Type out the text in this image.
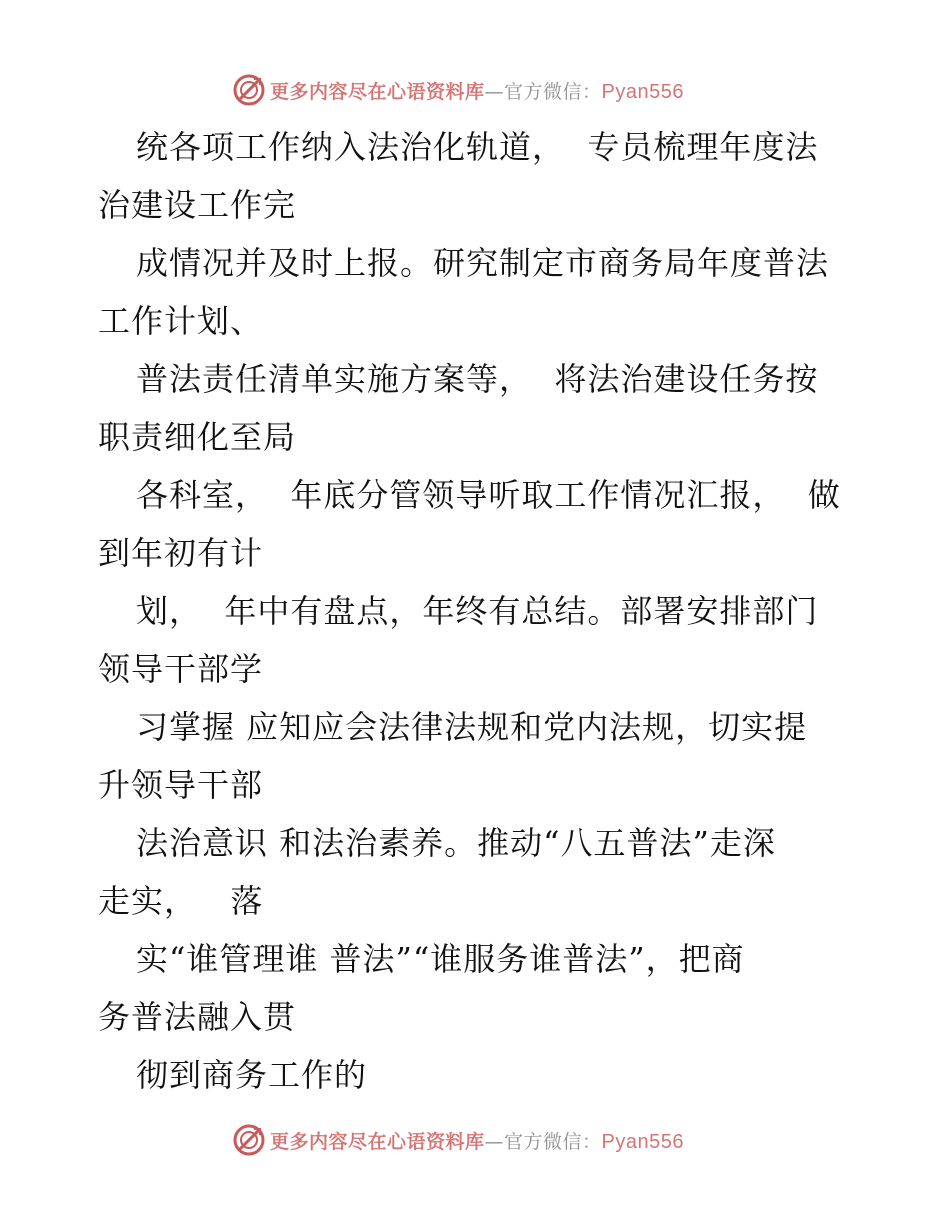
更多内容尽在心语资料库—官方微信：Pyan556
统各项工作纳入法治化轨道，  专员梳理年度法
治建设工作完
成情况并及时上报。研究制定市商务局年度普法
工作计划、
普法责任清单实施方案等，  将法治建设任务按
职责细化至局
各科室，  年底分管领导听取工作情况汇报，  做
到年初有计
划，  年中有盘点，年终有总结。部署安排部门
领导干部学
习掌握 应知应会法律法规和党内法规，切实提
升领导干部
法治意识 和法治素养。推动“八五普法”走深
走实，   落
实“谁管理谁 普法”“谁服务谁普法”，把商
务普法融入贯
彻到商务工作的
更多内容尽在心语资料库—官方微信：Pyan556
